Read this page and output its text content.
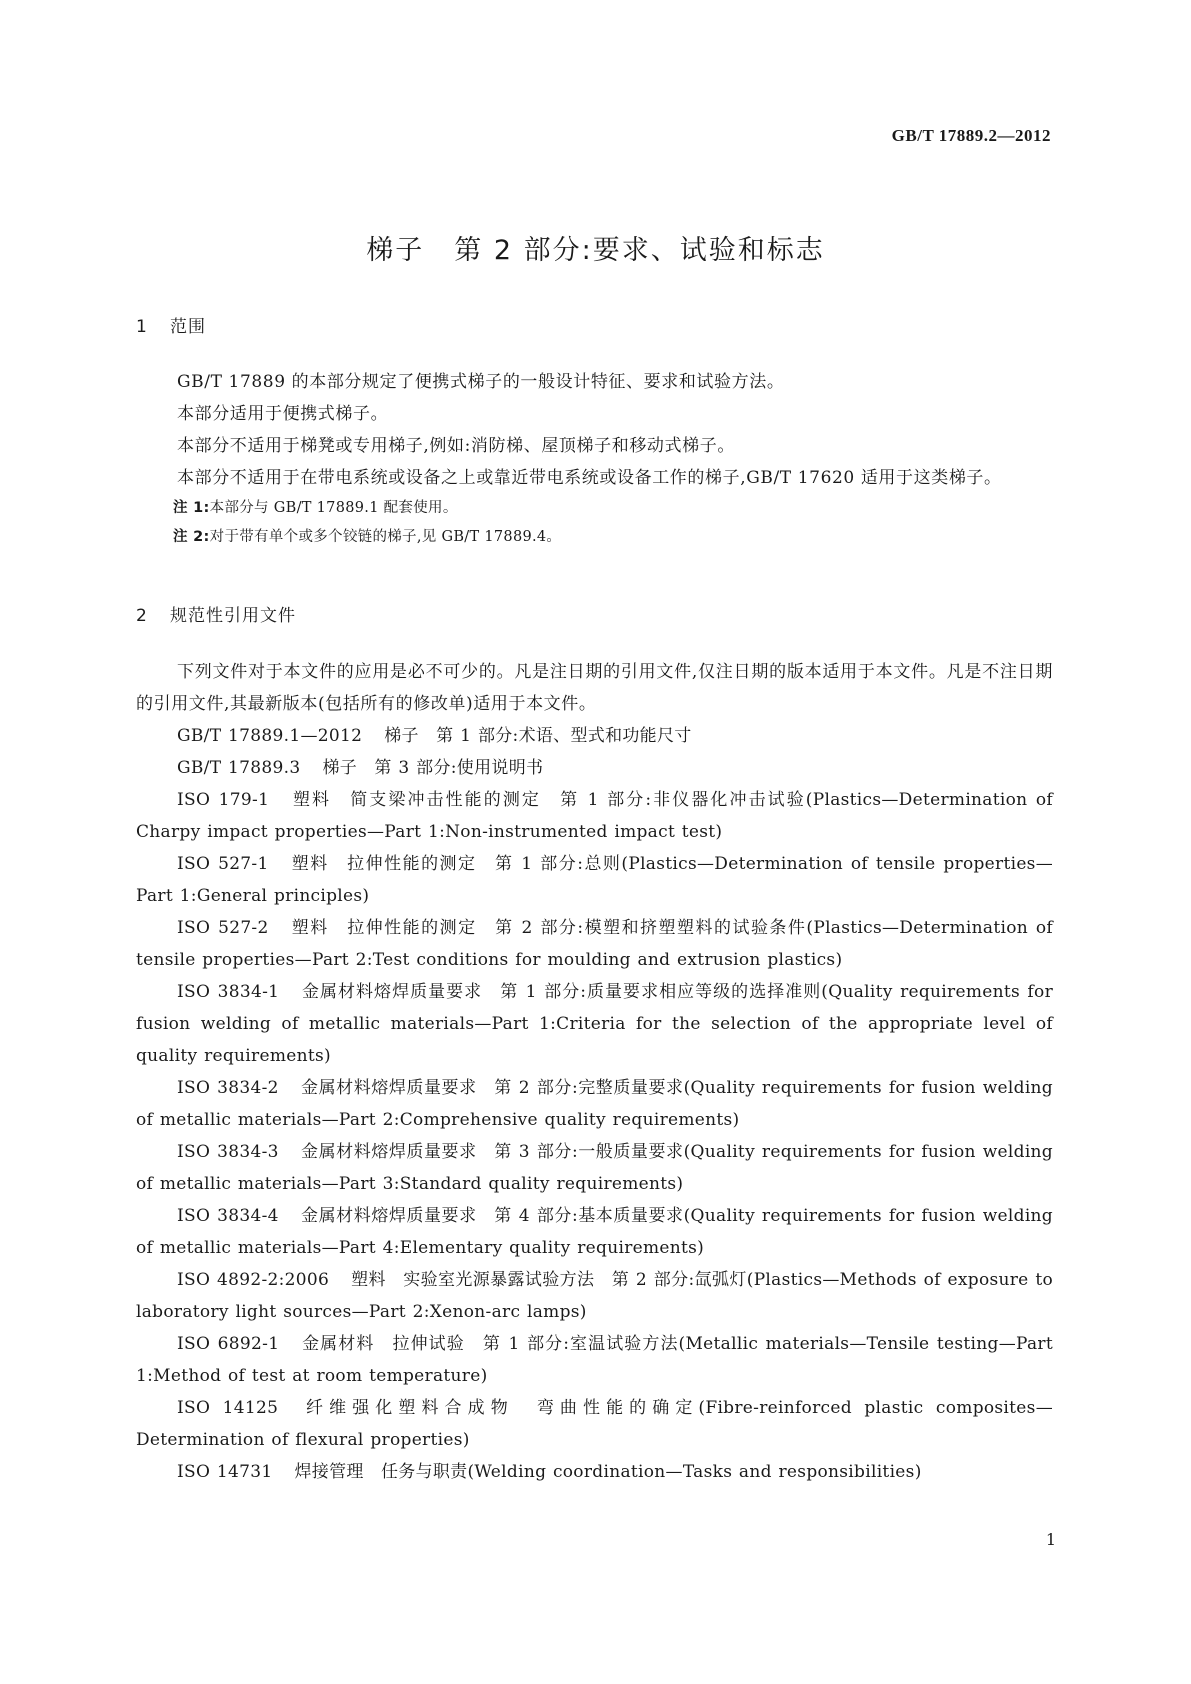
GB/T 17889.2—2012
梯子 第 2 部分:要求、试验和标志
1 范围

GB/T 17889 的本部分规定了便携式梯子的一般设计特征、要求和试验方法。

本部分适用于便携式梯子。

本部分不适用于梯凳或专用梯子,例如:消防梯、屋顶梯子和移动式梯子。

本部分不适用于在带电系统或设备之上或靠近带电系统或设备工作的梯子,GB/T 17620 适用于这类梯子。

注 1:本部分与 GB/T 17889.1 配套使用。

注 2:对于带有单个或多个铰链的梯子,见 GB/T 17889.4。

2 规范性引用文件

下列文件对于本文件的应用是必不可少的。凡是注日期的引用文件,仅注日期的版本适用于本文件。凡是不注日期的引用文件,其最新版本(包括所有的修改单)适用于本文件。

GB/T 17889.1—2012 梯子　第 1 部分:术语、型式和功能尺寸

GB/T 17889.3 梯子　第 3 部分:使用说明书

ISO 179-1 塑料　简支梁冲击性能的测定　第 1 部分:非仪器化冲击试验(Plastics—Determination of Charpy impact properties—Part 1:Non-instrumented impact test)

ISO 527-1 塑料　拉伸性能的测定　第 1 部分:总则(Plastics—Determination of tensile properties—Part 1:General principles)

ISO 527-2 塑料　拉伸性能的测定　第 2 部分:模塑和挤塑塑料的试验条件(Plastics—Determination of tensile properties—Part 2:Test conditions for moulding and extrusion plastics)

ISO 3834-1 金属材料熔焊质量要求　第 1 部分:质量要求相应等级的选择准则(Quality requirements for fusion welding of metallic materials—Part 1:Criteria for the selection of the appropriate level of quality requirements)

ISO 3834-2 金属材料熔焊质量要求　第 2 部分:完整质量要求(Quality requirements for fusion welding of metallic materials—Part 2:Comprehensive quality requirements)

ISO 3834-3 金属材料熔焊质量要求　第 3 部分:一般质量要求(Quality requirements for fusion welding of metallic materials—Part 3:Standard quality requirements)

ISO 3834-4 金属材料熔焊质量要求　第 4 部分:基本质量要求(Quality requirements for fusion welding of metallic materials—Part 4:Elementary quality requirements)

ISO 4892-2:2006 塑料　实验室光源暴露试验方法　第 2 部分:氙弧灯(Plastics—Methods of exposure to laboratory light sources—Part 2:Xenon-arc lamps)

ISO 6892-1 金属材料　拉伸试验　第 1 部分:室温试验方法(Metallic materials—Tensile testing—Part 1:Method of test at room temperature)

ISO 14125 纤维强化塑料合成物　弯曲性能的确定(Fibre-reinforced plastic composites—Determination of flexural properties)

ISO 14731 焊接管理　任务与职责(Welding coordination—Tasks and responsibilities)

1
